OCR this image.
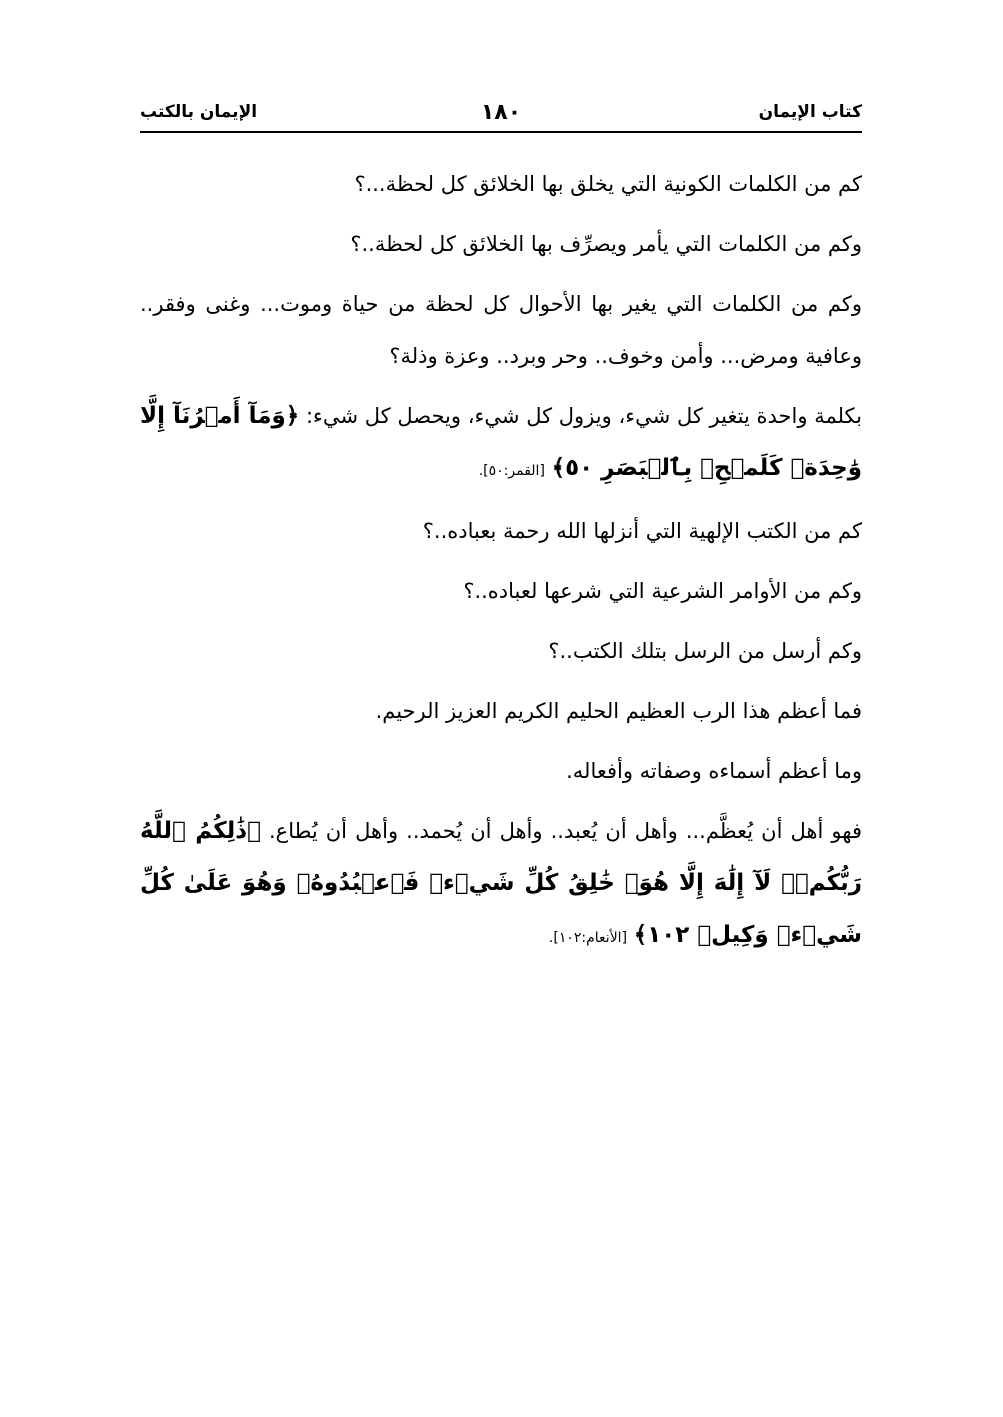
كتاب الإيمان
١٨٠
الإيمان بالكتب

كم من الكلمات الكونية التي يخلق بها الخلائق كل لحظة...؟

وكم من الكلمات التي يأمر ويصرِّف بها الخلائق كل لحظة..؟

وكم من الكلمات التي يغير بها الأحوال كل لحظة من حياة وموت... وغنى وفقر.. وعافية ومرض... وأمن وخوف.. وحر وبرد.. وعزة وذلة؟

بكلمة واحدة يتغير كل شيء، ويزول كل شيء، ويحصل كل شيء: ﴿وَمَآ أَمۡرُنَآ إِلَّا وَٰحِدَةٞ كَلَمۡحِۭ بِٱلۡبَصَرِ ٥٠﴾ [القمر:٥٠].

كم من الكتب الإلهية التي أنزلها الله رحمة بعباده..؟

وكم من الأوامر الشرعية التي شرعها لعباده..؟

وكم أرسل من الرسل بتلك الكتب..؟

فما أعظم هذا الرب العظيم الحليم الكريم العزيز الرحيم.

وما أعظم أسماءه وصفاته وأفعاله.

فهو أهل أن يُعظَّم... وأهل أن يُعبد.. وأهل أن يُحمد.. وأهل أن يُطاع. ﴿ذَٰلِكُمُ ٱللَّهُ رَبُّكُمۡۖ لَآ إِلَٰهَ إِلَّا هُوَۖ خَٰلِقُ كُلِّ شَيۡءٖ فَٱعۡبُدُوهُۚ وَهُوَ عَلَىٰ كُلِّ شَيۡءٖ وَكِيلٞ ١٠٢﴾ [الأنعام:١٠٢].
